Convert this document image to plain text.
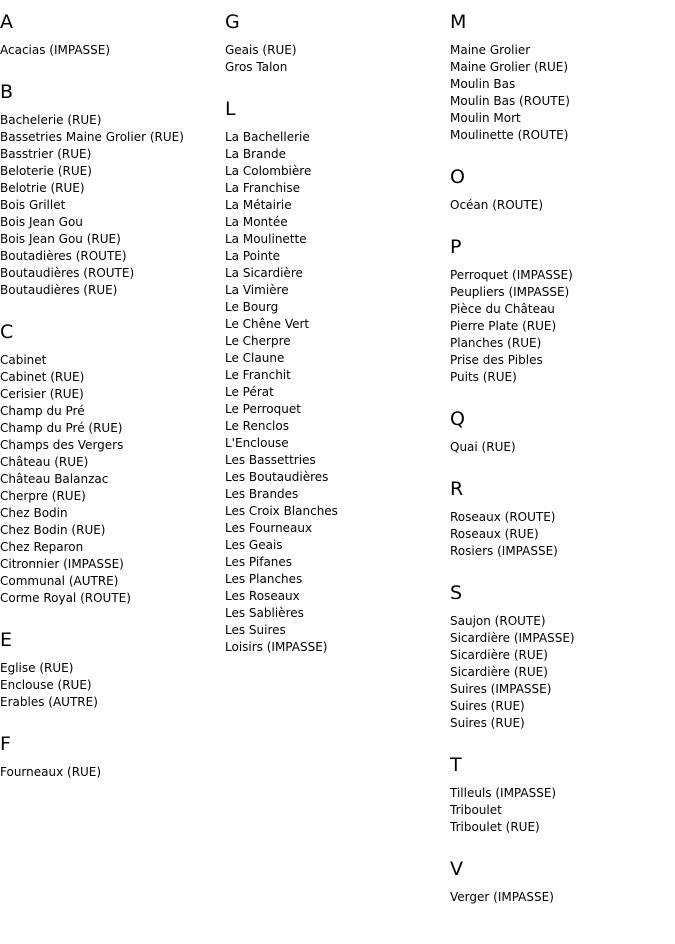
A
Acacias (IMPASSE)
B
Bachelerie (RUE)
Bassetries Maine Grolier (RUE)
Basstrier (RUE)
Beloterie (RUE)
Belotrie (RUE)
Bois Grillet
Bois Jean Gou
Bois Jean Gou (RUE)
Boutadières (ROUTE)
Boutaudières (ROUTE)
Boutaudières (RUE)
C
Cabinet
Cabinet (RUE)
Cerisier (RUE)
Champ du Pré
Champ du Pré (RUE)
Champs des Vergers
Château (RUE)
Château Balanzac
Cherpre (RUE)
Chez Bodin
Chez Bodin (RUE)
Chez Reparon
Citronnier (IMPASSE)
Communal (AUTRE)
Corme Royal (ROUTE)
E
Eglise (RUE)
Enclouse (RUE)
Erables (AUTRE)
F
Fourneaux (RUE)
G
Geais (RUE)
Gros Talon
L
La Bachellerie
La Brande
La Colombière
La Franchise
La Métairie
La Montée
La Moulinette
La Pointe
La Sicardière
La Vimière
Le Bourg
Le Chêne Vert
Le Cherpre
Le Claune
Le Franchit
Le Pérat
Le Perroquet
Le Renclos
L'Enclouse
Les Bassettries
Les Boutaudières
Les Brandes
Les Croix Blanches
Les Fourneaux
Les Geais
Les Pifanes
Les Planches
Les Roseaux
Les Sablières
Les Suires
Loisirs (IMPASSE)
M
Maine Grolier
Maine Grolier (RUE)
Moulin Bas
Moulin Bas (ROUTE)
Moulin Mort
Moulinette (ROUTE)
O
Océan (ROUTE)
P
Perroquet (IMPASSE)
Peupliers (IMPASSE)
Pièce du Château
Pierre Plate (RUE)
Planches (RUE)
Prise des Pibles
Puits (RUE)
Q
Quai (RUE)
R
Roseaux (ROUTE)
Roseaux (RUE)
Rosiers (IMPASSE)
S
Saujon (ROUTE)
Sicardière (IMPASSE)
Sicardière (RUE)
Sicardière (RUE)
Suires (IMPASSE)
Suires (RUE)
Suires (RUE)
T
Tilleuls (IMPASSE)
Triboulet
Triboulet (RUE)
V
Verger (IMPASSE)
